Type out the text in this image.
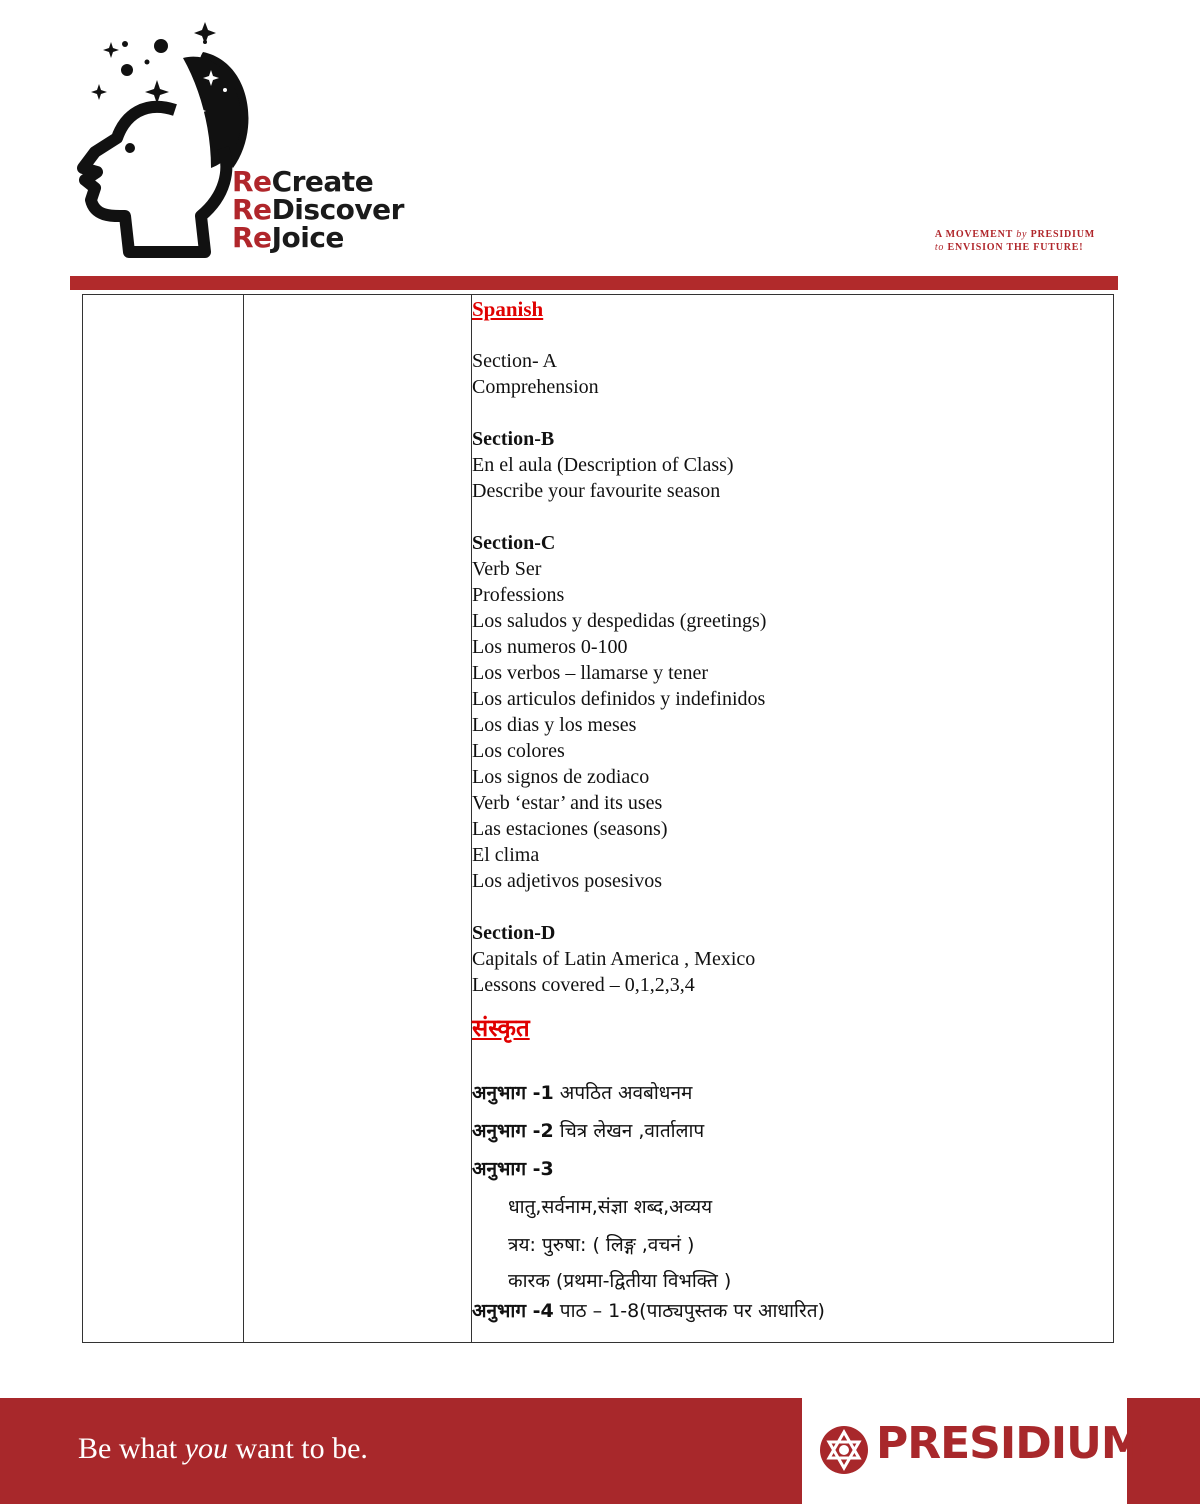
ReCreate
ReDiscover
ReJoice	A MOVEMENT by PRESIDIUM
to ENVISION THE FUTURE!

Spanish

Section- A

Comprehension

Section-B

En el aula (Description of Class)

Describe your favourite season

Section-C

Verb Ser

Professions

Los saludos y despedidas (greetings)

Los numeros 0-100

Los verbos – llamarse y tener

Los articulos definidos y indefinidos

Los dias y los meses

Los colores

Los signos de zodiaco

Verb ‘estar’ and its uses

Las estaciones (seasons)

El clima

Los adjetivos posesivos

Section-D

Capitals of Latin America , Mexico

Lessons covered – 0,1,2,3,4

संस्कृत

अनुभाग -1 अपठित अवबोधनम

अनुभाग -2 चित्र लेखन ,वार्तालाप

अनुभाग -3

धातु,सर्वनाम,संज्ञा शब्द,अव्यय

त्रय: पुरुषा: ( लिङ्ग ,वचनं )

कारक (प्रथमा-द्वितीया विभक्ति )

अनुभाग -4 पाठ – 1-8(पाठ्यपुस्तक पर आधारित)

Be what you want to be.	PRESIDIUM
